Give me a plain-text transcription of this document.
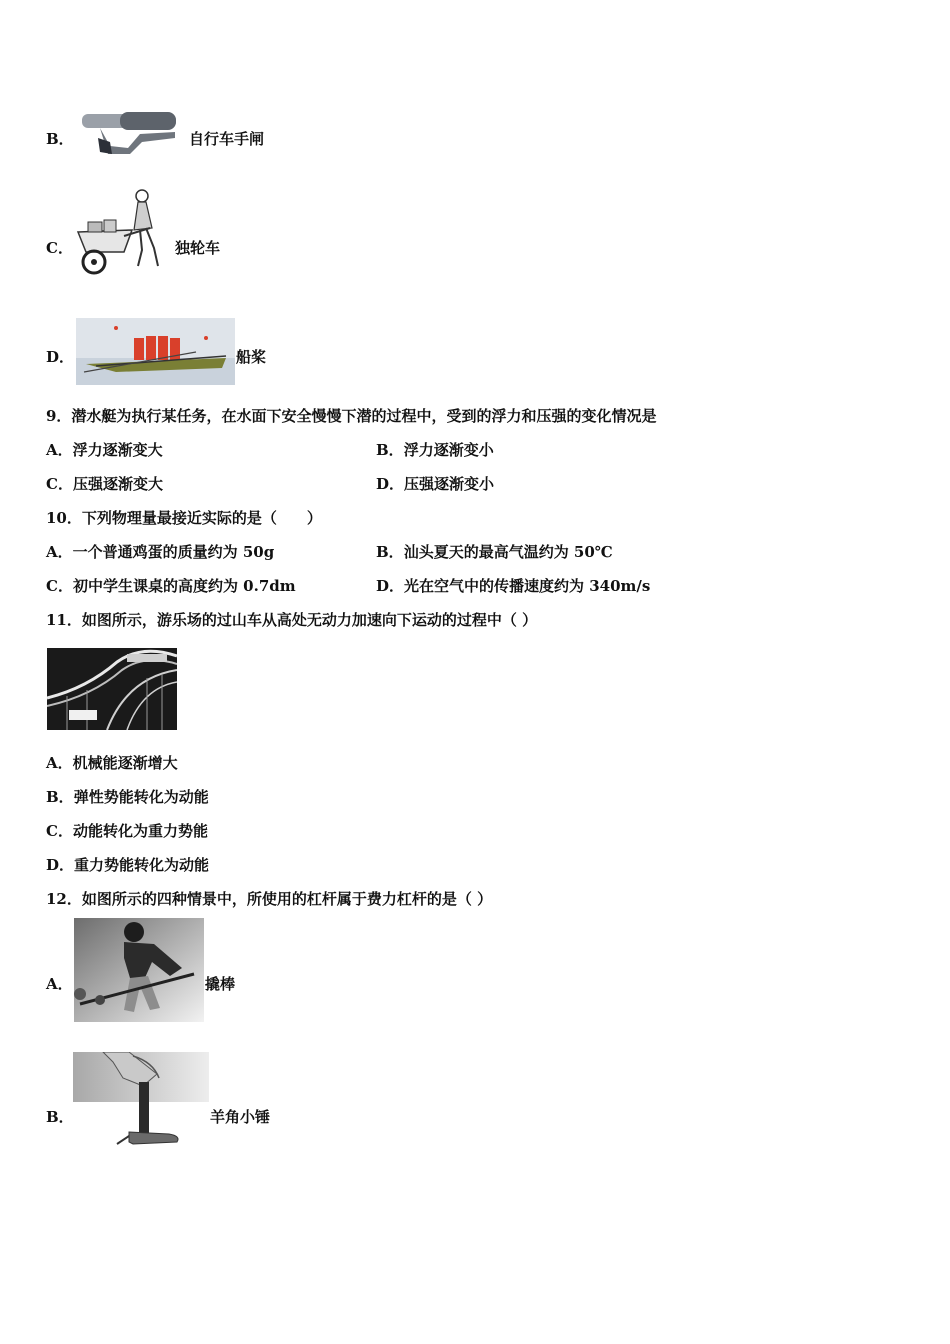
B．	自行车手闸
C．	独轮车
D．	船桨
9．潜水艇为执行某任务，在水面下安全慢慢下潜的过程中，受到的浮力和压强的变化情况是
A．浮力逐渐变大	B．浮力逐渐变小
C．压强逐渐变大	D．压强逐渐变小
10．下列物理量最接近实际的是（　　）
A．一个普通鸡蛋的质量约为 50g	B．汕头夏天的最高气温约为 50℃
C．初中学生课桌的高度约为 0.7dm	D．光在空气中的传播速度约为 340m/s
11．如图所示，游乐场的过山车从高处无动力加速向下运动的过程中（ ）
A．机械能逐渐增大
B．弹性势能转化为动能
C．动能转化为重力势能
D．重力势能转化为动能
12．如图所示的四种情景中，所使用的杠杆属于费力杠杆的是（ ）
A．	撬棒
B．	羊角小锤
